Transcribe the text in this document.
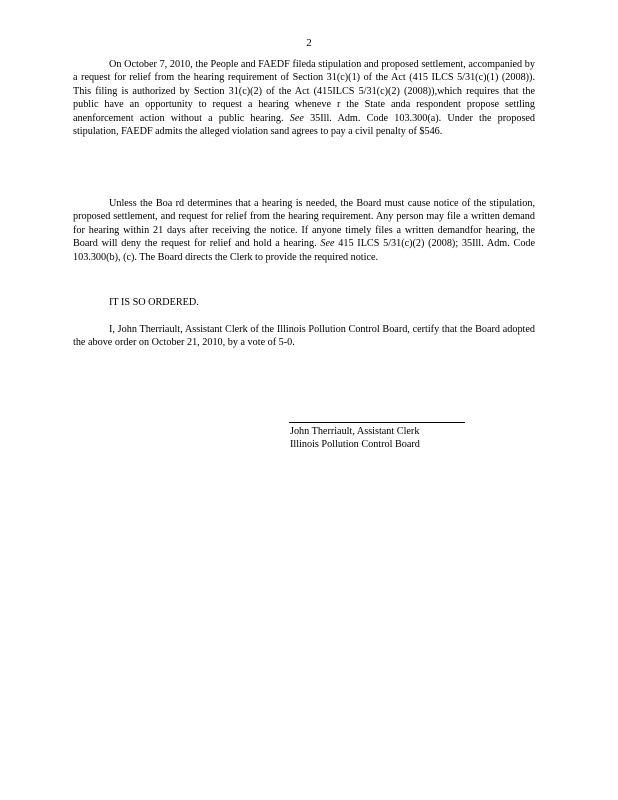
2

On October 7, 2010, the People and FAEDF fileda stipulation and proposed settlement, accompanied by a request for relief from the hearing requirement of Section 31(c)(1) of the Act (415 ILCS 5/31(c)(1) (2008)). This filing is authorized by Section 31(c)(2) of the Act (415ILCS 5/31(c)(2) (2008)),which requires that the public have an opportunity to request a hearing wheneve r the State anda respondent propose settling anenforcement action without a public hearing. See 35Ill. Adm. Code 103.300(a). Under the proposed stipulation, FAEDF admits the alleged violation sand agrees to pay a civil penalty of $546.

Unless the Boa rd determines that a hearing is needed, the Board must cause notice of the stipulation, proposed settlement, and request for relief from the hearing requirement. Any person may file a written demand for hearing within 21 days after receiving the notice. If anyone timely files a written demandfor hearing, the Board will deny the request for relief and hold a hearing. See 415 ILCS 5/31(c)(2) (2008); 35Ill. Adm. Code 103.300(b), (c). The Board directs the Clerk to provide the required notice.

IT IS SO ORDERED.

I, John Therriault, Assistant Clerk of the Illinois Pollution Control Board, certify that the Board adopted the above order on October 21, 2010, by a vote of 5-0.

John Therriault, Assistant Clerk
Illinois Pollution Control Board
